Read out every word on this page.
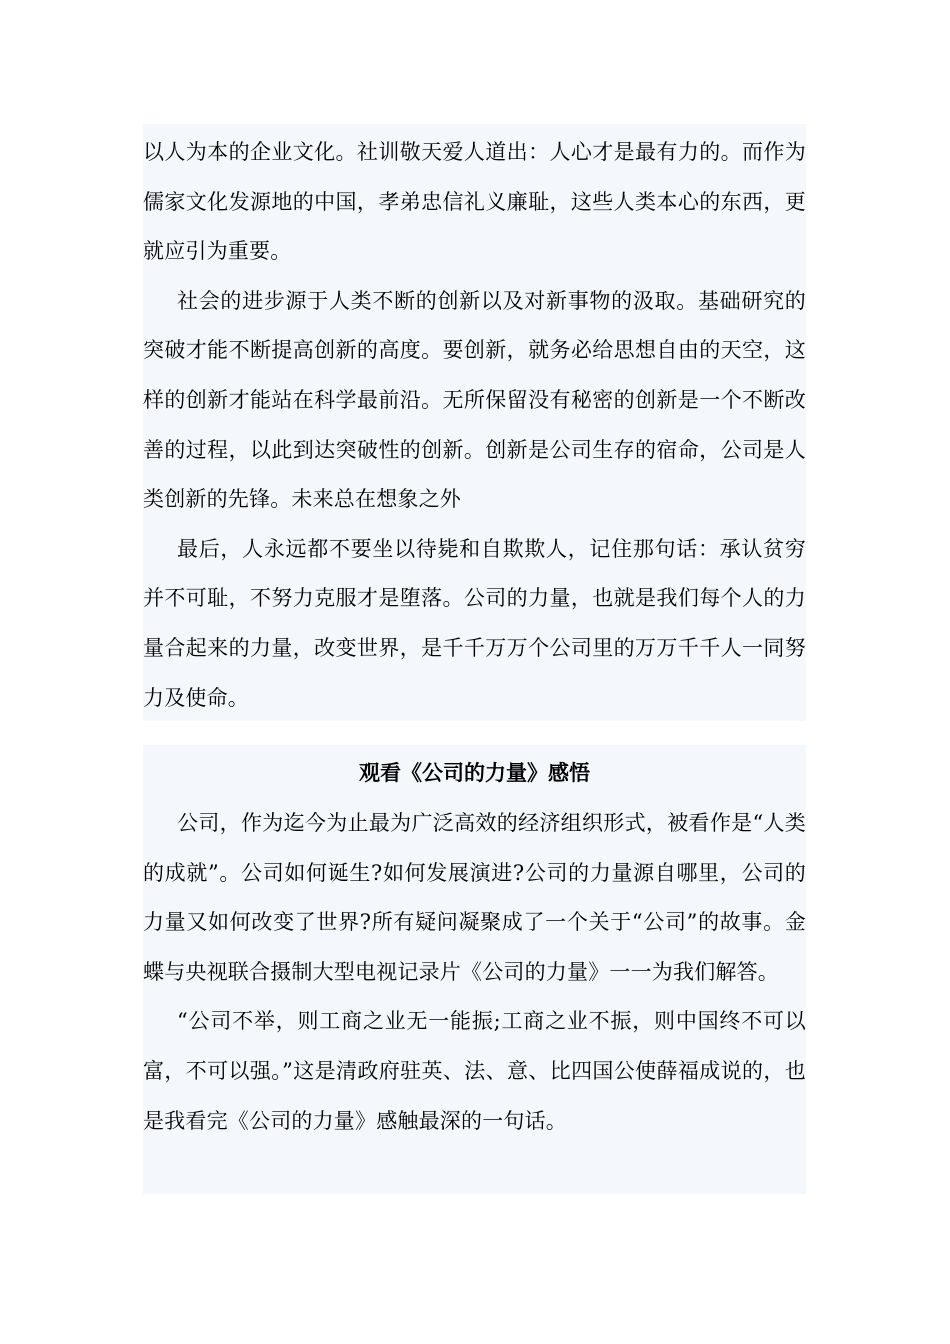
以人为本的企业文化。社训敬天爱人道出：人心才是最有力的。而作为儒家文化发源地的中国，孝弟忠信礼义廉耻，这些人类本心的东西，更就应引为重要。

社会的进步源于人类不断的创新以及对新事物的汲取。基础研究的突破才能不断提高创新的高度。要创新，就务必给思想自由的天空，这样的创新才能站在科学最前沿。无所保留没有秘密的创新是一个不断改善的过程，以此到达突破性的创新。创新是公司生存的宿命，公司是人类创新的先锋。未来总在想象之外

最后，人永远都不要坐以待毙和自欺欺人，记住那句话：承认贫穷并不可耻，不努力克服才是堕落。公司的力量，也就是我们每个人的力量合起来的力量，改变世界，是千千万万个公司里的万万千千人一同努力及使命。

观看《公司的力量》感悟

公司，作为迄今为止最为广泛高效的经济组织形式，被看作是“人类的成就”。公司如何诞生?如何发展演进?公司的力量源自哪里，公司的力量又如何改变了世界?所有疑问凝聚成了一个关于“公司”的故事。金蝶与央视联合摄制大型电视记录片《公司的力量》一一为我们解答。

“公司不举，则工商之业无一能振;工商之业不振，则中国终不可以富，不可以强。”这是清政府驻英、法、意、比四国公使薛福成说的，也是我看完《公司的力量》感触最深的一句话。
